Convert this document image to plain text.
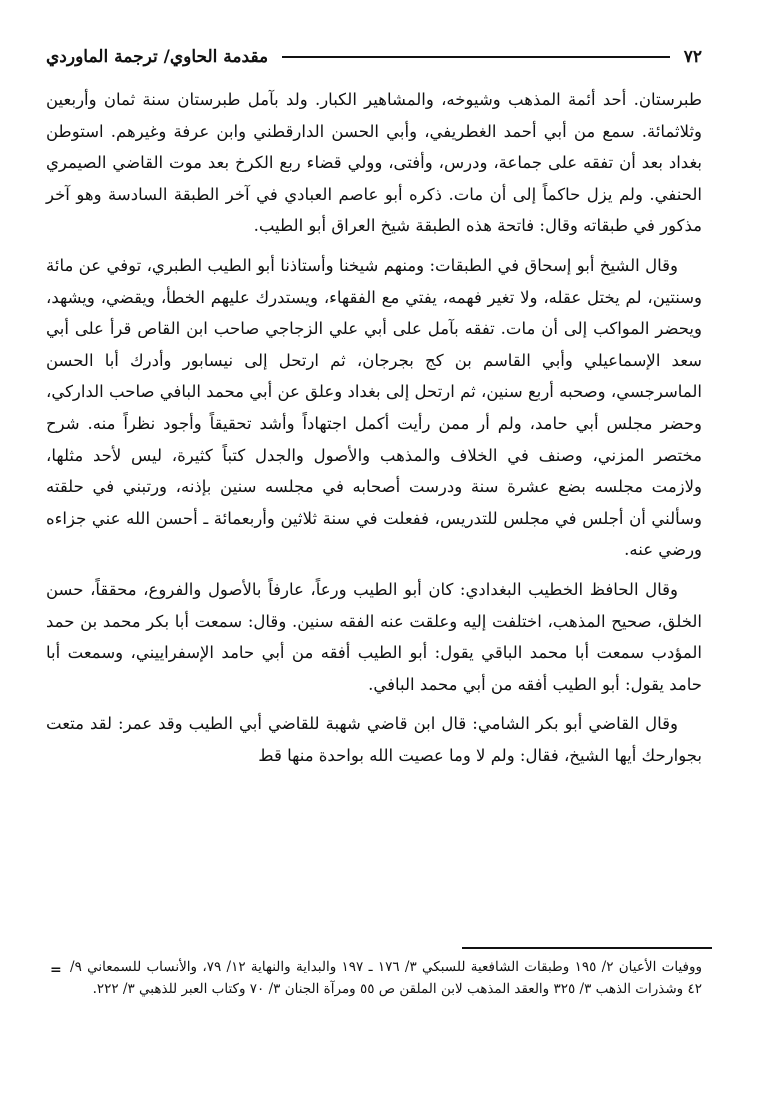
٧٢
مقدمة الحاوي/ ترجمة الماوردي

طبرستان. أحد أئمة المذهب وشيوخه، والمشاهير الكبار. ولد بآمل طبرستان سنة ثمان وأربعين وثلاثمائة. سمع من أبي أحمد الغطريفي، وأبي الحسن الدارقطني وابن عرفة وغيرهم. استوطن بغداد بعد أن تفقه على جماعة، ودرس، وأفتى، وولي قضاء ربع الكرخ بعد موت القاضي الصيمري الحنفي. ولم يزل حاكماً إلى أن مات. ذكره أبو عاصم العبادي في آخر الطبقة السادسة وهو آخر مذكور في طبقاته وقال: فاتحة هذه الطبقة شيخ العراق أبو الطيب.

وقال الشيخ أبو إسحاق في الطبقات: ومنهم شيخنا وأستاذنا أبو الطيب الطبري، توفي عن مائة وسنتين، لم يختل عقله، ولا تغير فهمه، يفتي مع الفقهاء، ويستدرك عليهم الخطأ، ويقضي، ويشهد، ويحضر المواكب إلى أن مات. تفقه بآمل على أبي علي الزجاجي صاحب ابن القاص قرأ على أبي سعد الإسماعيلي وأبي القاسم بن كج بجرجان، ثم ارتحل إلى نيسابور وأدرك أبا الحسن الماسرجسي، وصحبه أربع سنين، ثم ارتحل إلى بغداد وعلق عن أبي محمد البافي صاحب الداركي، وحضر مجلس أبي حامد، ولم أر ممن رأيت أكمل اجتهاداً وأشد تحقيقاً وأجود نظراً منه. شرح مختصر المزني، وصنف في الخلاف والمذهب والأصول والجدل كتباً كثيرة، ليس لأحد مثلها، ولازمت مجلسه بضع عشرة سنة ودرست أصحابه في مجلسه سنين بإذنه، ورتبني في حلقته وسألني أن أجلس في مجلس للتدريس، ففعلت في سنة ثلاثين وأربعمائة ـ أحسن الله عني جزاءه ورضي عنه.

وقال الحافظ الخطيب البغدادي: كان أبو الطيب ورعاً، عارفاً بالأصول والفروع، محققاً، حسن الخلق، صحيح المذهب، اختلفت إليه وعلقت عنه الفقه سنين. وقال: سمعت أبا بكر محمد بن حمد المؤدب سمعت أبا محمد الباقي يقول: أبو الطيب أفقه من أبي حامد الإسفراييني، وسمعت أبا حامد يقول: أبو الطيب أفقه من أبي محمد البافي.

وقال القاضي أبو بكر الشامي: قال ابن قاضي شهبة للقاضي أبي الطيب وقد عمر: لقد متعت بجوارحك أيها الشيخ، فقال: ولم لا وما عصيت الله بواحدة منها قط

= ووفيات الأعيان ٢/ ١٩٥ وطبقات الشافعية للسبكي ٣/ ١٧٦ ـ ١٩٧ والبداية والنهاية ١٢/ ٧٩، والأنساب للسمعاني ٩/ ٤٢ وشذرات الذهب ٣/ ٣٢٥ والعقد المذهب لابن الملقن ص ٥٥ ومرآة الجنان ٣/ ٧٠ وكتاب العبر للذهبي ٣/ ٢٢٢.
